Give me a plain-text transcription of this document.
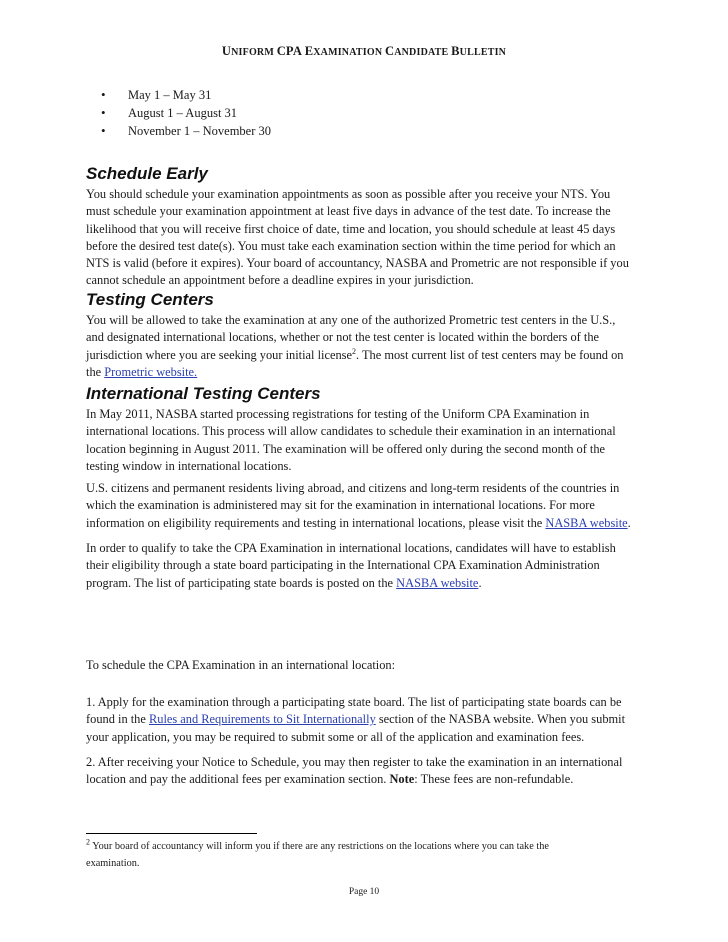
UNIFORM CPA EXAMINATION CANDIDATE BULLETIN
• May 1 – May 31
• August 1 – August 31
• November 1 – November 30
Schedule Early
You should schedule your examination appointments as soon as possible after you receive your NTS. You
must schedule your examination appointment at least five days in advance of the test date. To increase the
likelihood that you will receive first choice of date, time and location, you should schedule at least 45 days
before the desired test date(s). You must take each examination section within the time period for which an
NTS is valid (before it expires). Your board of accountancy, NASBA and Prometric are not responsible if you
cannot schedule an appointment before a deadline expires in your jurisdiction.
Testing Centers
You will be allowed to take the examination at any one of the authorized Prometric test centers in the U.S.,
and designated international locations, whether or not the test center is located within the borders of the
jurisdiction where you are seeking your initial license$^2$. The most current list of test centers may be found on
the Prometric website.
International Testing Centers
In May 2011, NASBA started processing registrations for testing of the Uniform CPA Examination in
international locations. This process will allow candidates to schedule their examination in an international
location beginning in August 2011. The examination will be offered only during the second month of the
testing window in international locations.
U.S. citizens and permanent residents living abroad, and citizens and long-term residents of the countries in
which the examination is administered may sit for the examination in international locations. For more
information on eligibility requirements and testing in international locations, please visit the NASBA website.
In order to qualify to take the CPA Examination in international locations, candidates will have to establish
their eligibility through a state board participating in the International CPA Examination Administration
program. The list of participating state boards is posted on the NASBA website.
To schedule the CPA Examination in an international location:
1. Apply for the examination through a participating state board. The list of participating state boards can be
found in the Rules and Requirements to Sit Internationally section of the NASBA website. When you submit
your application, you may be required to submit some or all of the application and examination fees.
2. After receiving your Notice to Schedule, you may then register to take the examination in an international
location and pay the additional fees per examination section. Note: These fees are non-refundable.
$^2$ Your board of accountancy will inform you if there are any restrictions on the locations where you can take the
examination.
Page 10
